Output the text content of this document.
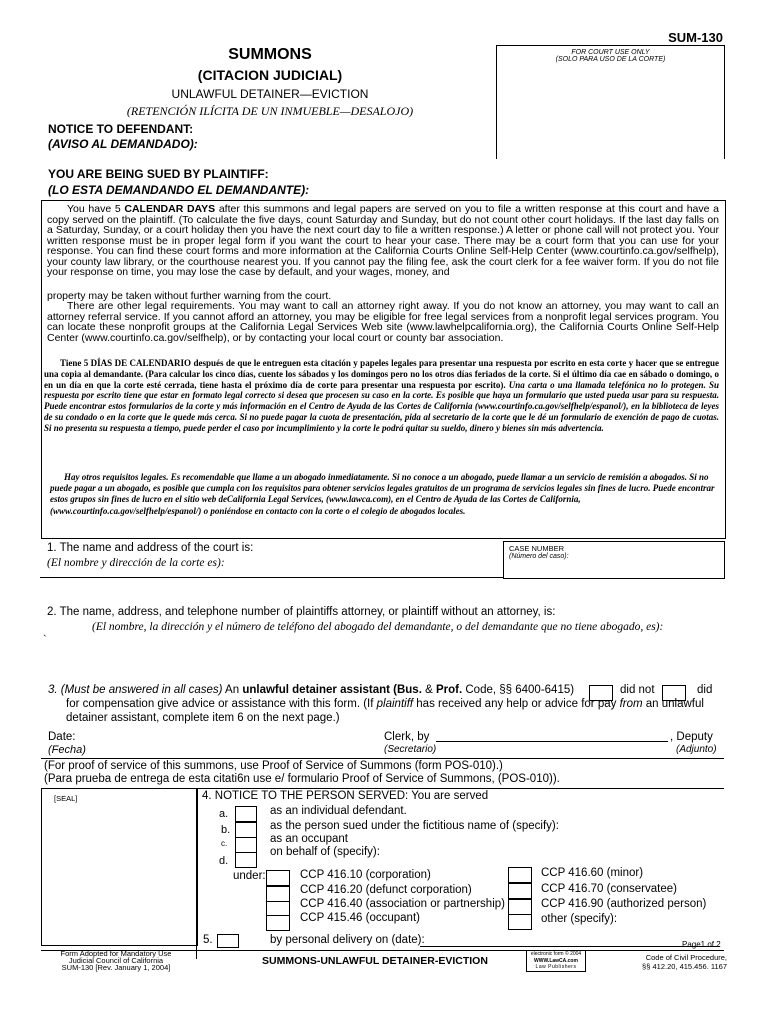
SUM-130
FOR COURT USE ONLY
(SOLO PARA USO DE LA CORTE)
SUMMONS
(CITACION JUDICIAL)
UNLAWFUL DETAINER—EVICTION
(RETENCIÓN ILÍCITA DE UN INMUEBLE—DESALOJO)
NOTICE TO DEFENDANT:
(AVISO AL DEMANDADO):
YOU ARE BEING SUED BY PLAINTIFF:
(LO ESTA DEMANDANDO EL DEMANDANTE):
You have 5 CALENDAR DAYS after this summons and legal papers are served on you to file a written response at this court and have a copy served on the plaintiff. (To calculate the five days, count Saturday and Sunday, but do not count other court holidays. If the last day falls on a Saturday, Sunday, or a court holiday then you have the next court day to file a written response.) A letter or phone call will not protect you. Your written response must be in proper legal form if you want the court to hear your case. There may be a court form that you can use for your response. You can find these court forms and more information at the California Courts Online Self-Help Center (www.courtinfo.ca.gov/selfhelp), your county law library, or the courthouse nearest you. If you cannot pay the filing fee, ask the court clerk for a fee waiver form. If you do not file your response on time, you may lose the case by default, and your wages, money, and
property may be taken without further warning from the court.
There are other legal requirements. You may want to call an attorney right away. If you do not know an attorney, you may want to call an attorney referral service. If you cannot afford an attorney, you may be eligible for free legal services from a nonprofit legal services program. You can locate these nonprofit groups at the California Legal Services Web site (www.lawhelpcalifornia.org), the California Courts Online Self-Help Center (www.courtinfo.ca.gov/selfhelp), or by contacting your local court or county bar association.
Tiene 5 DÍAS DE CALENDARIO después de que le entreguen esta citación y papeles legales para presentar una respuesta por escrito en esta corte y hacer que se entregue una copia al demandante. (Para calcular los cinco días, cuente los sábados y los domingos pero no los otros días feriados de la corte. Si el último día cae en sábado o domingo, o en un día en que la corte esté cerrada, tiene hasta el próximo día de corte para presentar una respuesta por escrito). Una carta o una llamada telefónica no lo protegen. Su respuesta por escrito tiene que estar en formato legal correcto si desea que procesen su caso en la corte. Es posible que haya un formulario que usted pueda usar para su respuesta. Puede encontrar estos formularios de la corte y más información en el Centro de Ayuda de las Cortes de California (www.courtinfo.ca.gov/selfhelp/espanol/), en la biblioteca de leyes de su condado o en la corte que le quede más cerca. Si no puede pagar la cuota de presentación, pida al secretario de la corte que le dé un formulario de exención de pago de cuotas. Si no presenta su respuesta a tiempo, puede perder el caso por incumplimiento y la corte le podrá quitar su sueldo, dinero y bienes sin más advertencia.
Hay otros requisitos legales. Es recomendable que llame a un abogado inmediatamente. Si no conoce a un abogado, puede llamar a un servicio de remisión a abogados. Si no puede pagar a un abogado, es posible que cumpla con los requisitos para obtener servicios legales gratuitos de un programa de servicios legales sin fines de lucro. Puede encontrar estos grupos sin fines de lucro en el sitio web deCalifornia Legal Services, (www.lawca.com), en el Centro de Ayuda de las Cortes de California, (www.courtinfo.ca.gov/selfhelp/espanol/) o poniéndose en contacto con la corte o el colegio de abogados locales.
1. The name and address of the court is:
(El nombre y dirección de la corte es):
CASE NUMBER
(Número del caso):
2. The name, address, and telephone number of plaintiffs attorney, or plaintiff without an attorney, is:
(El nombre, la dirección y el número de teléfono del abogado del demandante, o del demandante que no tiene abogado, es):
`
3. (Must be answered in all cases) An unlawful detainer assistant (Bus. & Prof. Code, §§ 6400-6415)	did not	did
for compensation give advice or assistance with this form. (If plaintiff has received any help or advice for pay from an unlawful
detainer assistant, complete item 6 on the next page.)
Date:
(Fecha)
Clerk, by
(Secretario)
, Deputy
(Adjunto)
(For proof of service of this summons, use Proof of Service of Summons (form POS-010).)
(Para prueba de entrega de esta citati6n use e/ formulario Proof of Service of Summons, (POS-010)).
[SEAL]	4. NOTICE TO THE PERSON SERVED: You are served
a.	as an individual defendant.
b.	as the person sued under the fictitious name of (specify):
c.	as an occupant
d.
on behalf of (specify):
under:	CCP 416.10 (corporation)
CCP 416.20 (defunct corporation)
CCP 416.40 (association or partnership)
CCP 415.46 (occupant)
CCP 416.60 (minor)
CCP 416.70 (conservatee)
CCP 416.90 (authorized person)
other (specify):
5.	by personal delivery on (date):	Page1 of 2
Form Adopted for Mandatory Use
Judicial Council of California
SUM-130 [Rev. January 1, 2004]
SUMMONS-UNLAWFUL DETAINER-EVICTION
electronic form © 2004
WWW.LawCA.com
Law Publishers
Code of Civil Procedure,
§§ 412.20, 415.456. 1167
